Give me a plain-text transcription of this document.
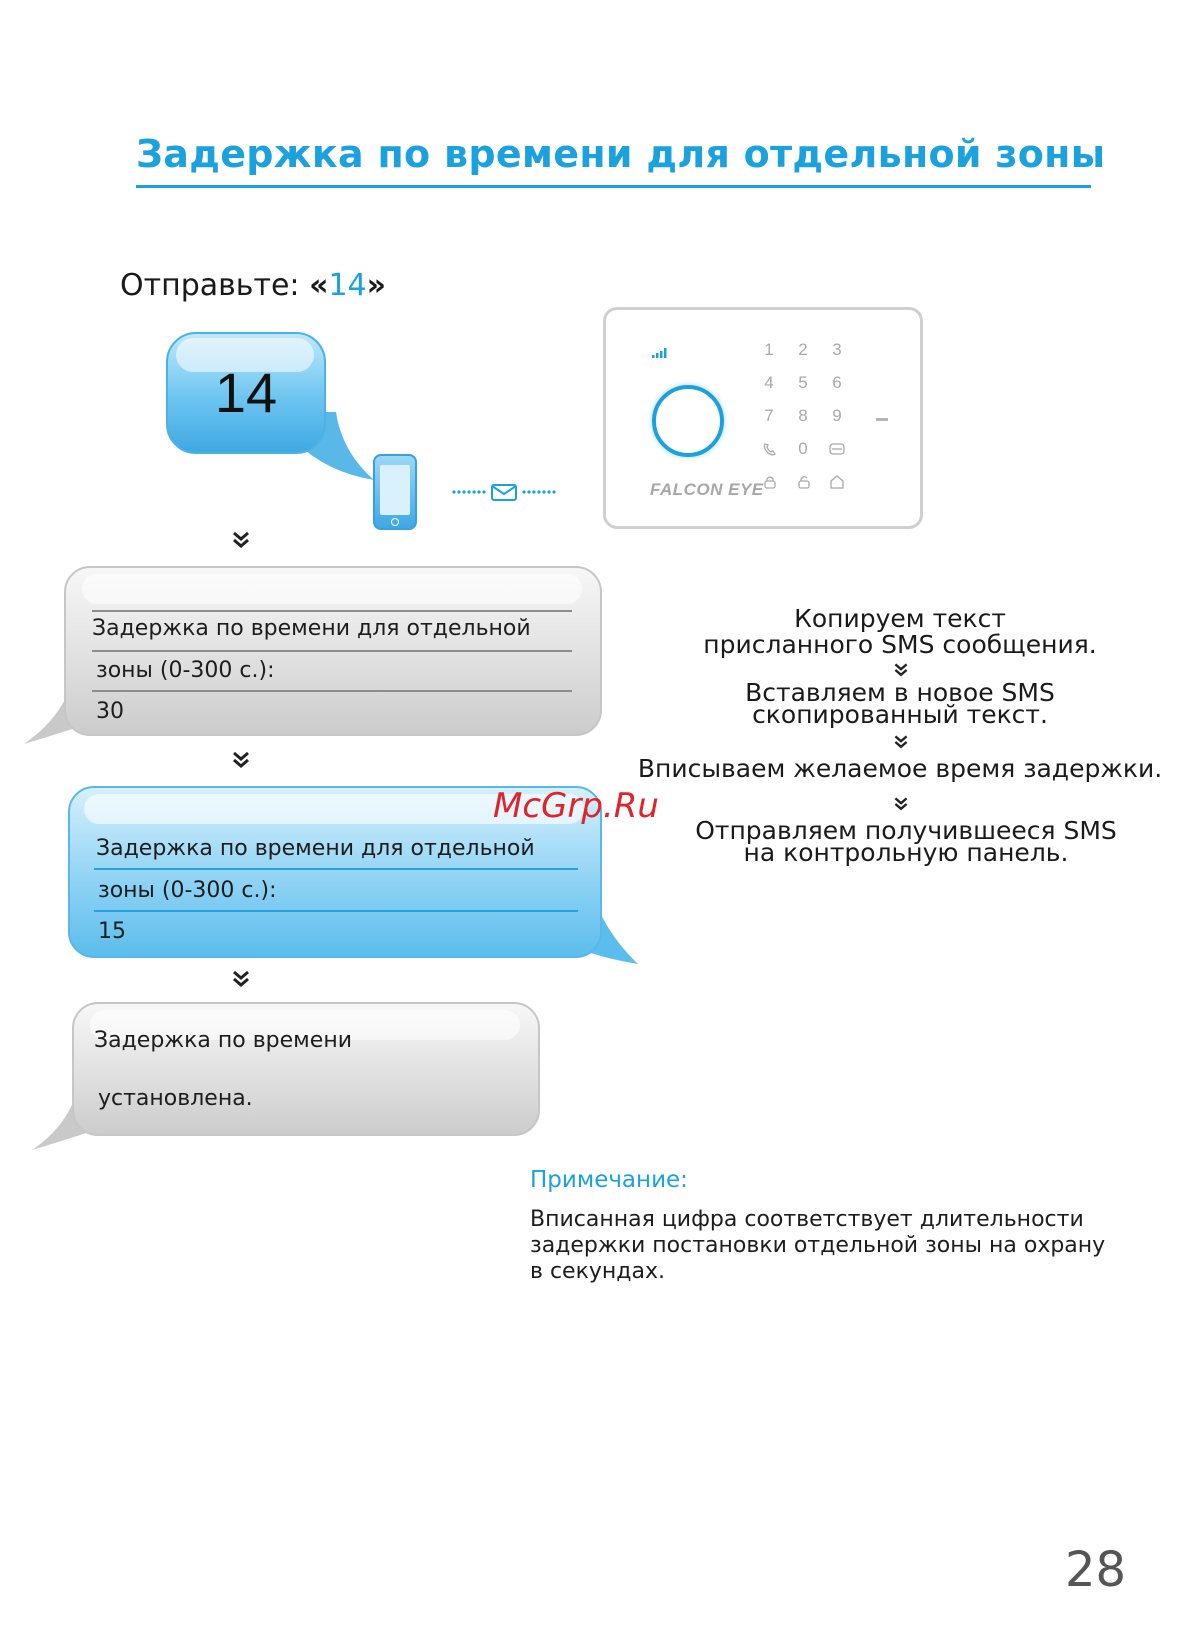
Задержка по времени для отдельной зоны
Отправьте: «14»
14
FALCON EYE
1	2	3
4	5	6
7	8	9
0
Задержка по времени для отдельной
зоны (0-300 с.):
30
Задержка по времени для отдельной
зоны (0-300 с.):
15
Задержка по времени
установлена.
Копируем текст
присланного SMS сообщения.
Вставляем в новое SMS
скопированный текст.
Вписываем желаемое время задержки.
Отправляем получившееся SMS
на контрольную панель.
McGrp.Ru
Примечание:
Вписанная цифра соответствует длительности
задержки постановки отдельной зоны на охрану
в секундах.
28
